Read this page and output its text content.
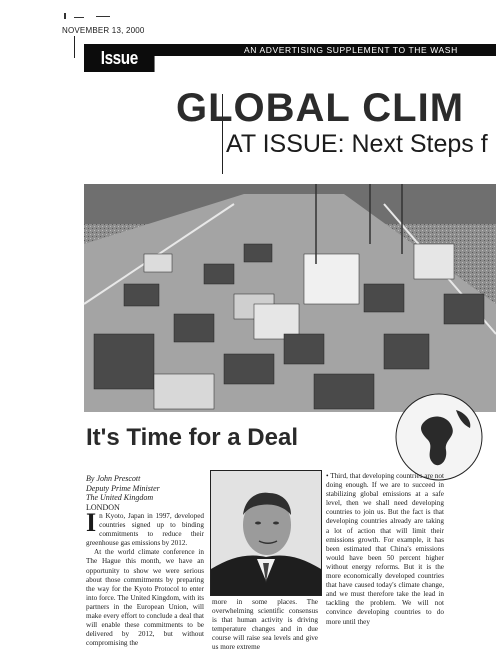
NOVEMBER 13, 2000
AN ADVERTISING SUPPLEMENT TO THE WASH
Issue Forum GLOBAL CLIM
AT ISSUE: Next Steps f
It's Time for a Deal
By John Prescott
Deputy Prime Minister
The United Kingdom
LONDON

I n Kyoto, Japan in 1997, developed countries signed up to binding commitments to reduce their greenhouse gas emissions by 2012.

At the world climate conference in The Hague this month, we have an opportunity to show we were serious about those commitments by preparing the way for the Kyoto Protocol to enter into force. The United Kingdom, with its partners in the European Union, will make every effort to conclude a deal that will enable these commitments to be delivered by 2012, but without compromising the

more in some places. The overwhelming scientific consensus is that human activity is driving temperature changes and in due course will raise sea levels and give us more extreme

• Third, that developing countries are not doing enough. If we are to succeed in stabilizing global emissions at a safe level, then we shall need developing countries to join us. But the fact is that developing countries already are taking a lot of action that will limit their emissions growth. For example, it has been estimated that China's emissions would have been 50 percent higher without energy reforms. But it is the more economically developed countries that have caused today's climate change, and we must therefore take the lead in tackling the problem. We will not convince developing countries to do more until they
